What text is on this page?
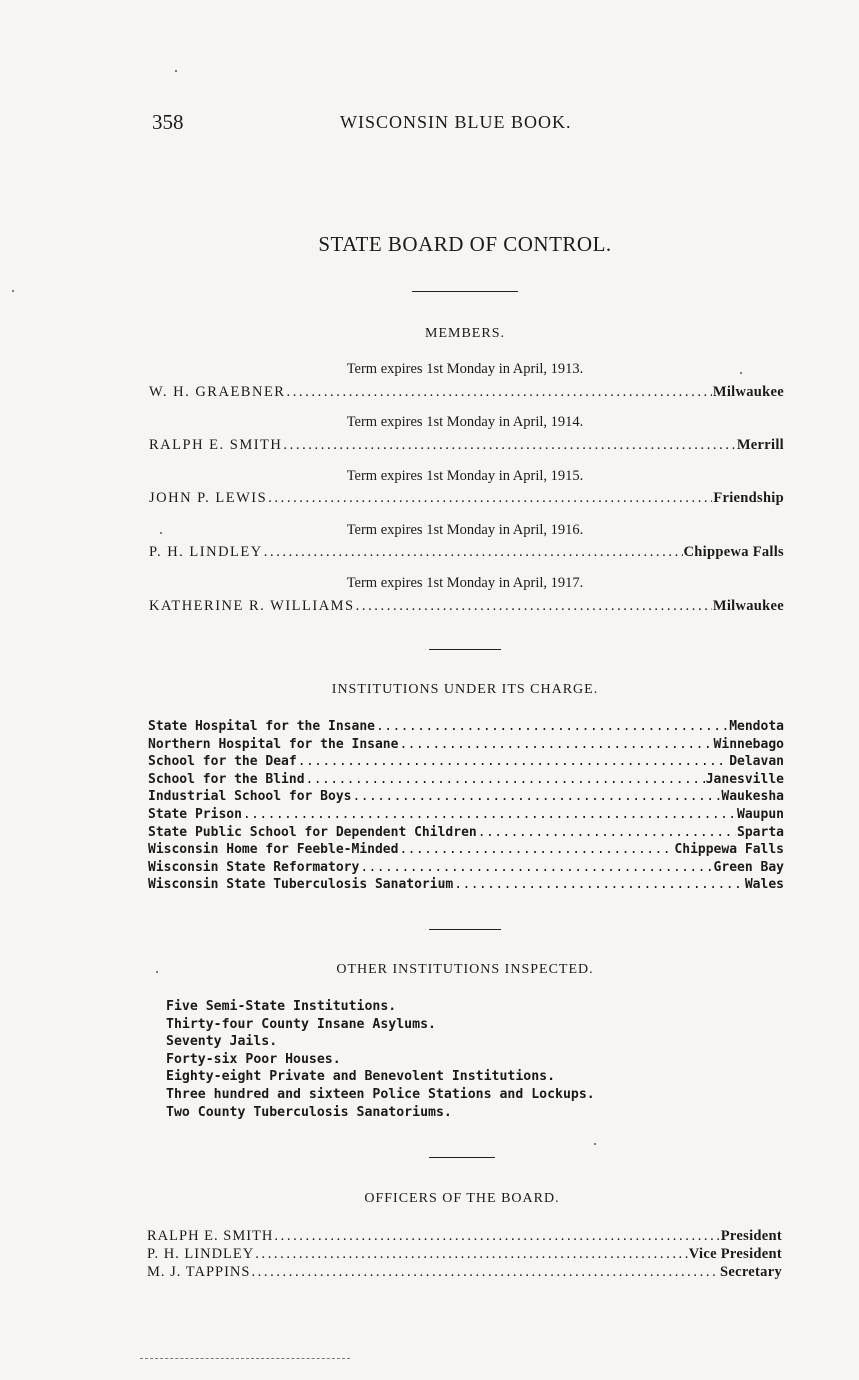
358	WISCONSIN BLUE BOOK.
STATE BOARD OF CONTROL.
MEMBERS.
Term expires 1st Monday in April, 1913.
W. H. GRAEBNER .....	Milwaukee
Term expires 1st Monday in April, 1914.
RALPH E. SMITH .....	Merrill
Term expires 1st Monday in April, 1915.
JOHN P. LEWIS .....	Friendship
Term expires 1st Monday in April, 1916.
P. H. LINDLEY .....	Chippewa Falls
Term expires 1st Monday in April, 1917.
KATHERINE R. WILLIAMS .....	Milwaukee
INSTITUTIONS UNDER ITS CHARGE.
State Hospital for the Insane .....	Mendota
Northern Hospital for the Insane .....	Winnebago
School for the Deaf .....	Delavan
School for the Blind .....	Janesville
Industrial School for Boys .....	Waukesha
State Prison .....	Waupun
State Public School for Dependent Children .....	Sparta
Wisconsin Home for Feeble-Minded .....	Chippewa Falls
Wisconsin State Reformatory .....	Green Bay
Wisconsin State Tuberculosis Sanatorium .....	Wales
OTHER INSTITUTIONS INSPECTED.
Five Semi-State Institutions.
Thirty-four County Insane Asylums.
Seventy Jails.
Forty-six Poor Houses.
Eighty-eight Private and Benevolent Institutions.
Three hundred and sixteen Police Stations and Lockups.
Two County Tuberculosis Sanatoriums.
OFFICERS OF THE BOARD.
RALPH E. SMITH .....	President
P. H. LINDLEY .....	Vice President
M. J. TAPPINS .....	Secretary
